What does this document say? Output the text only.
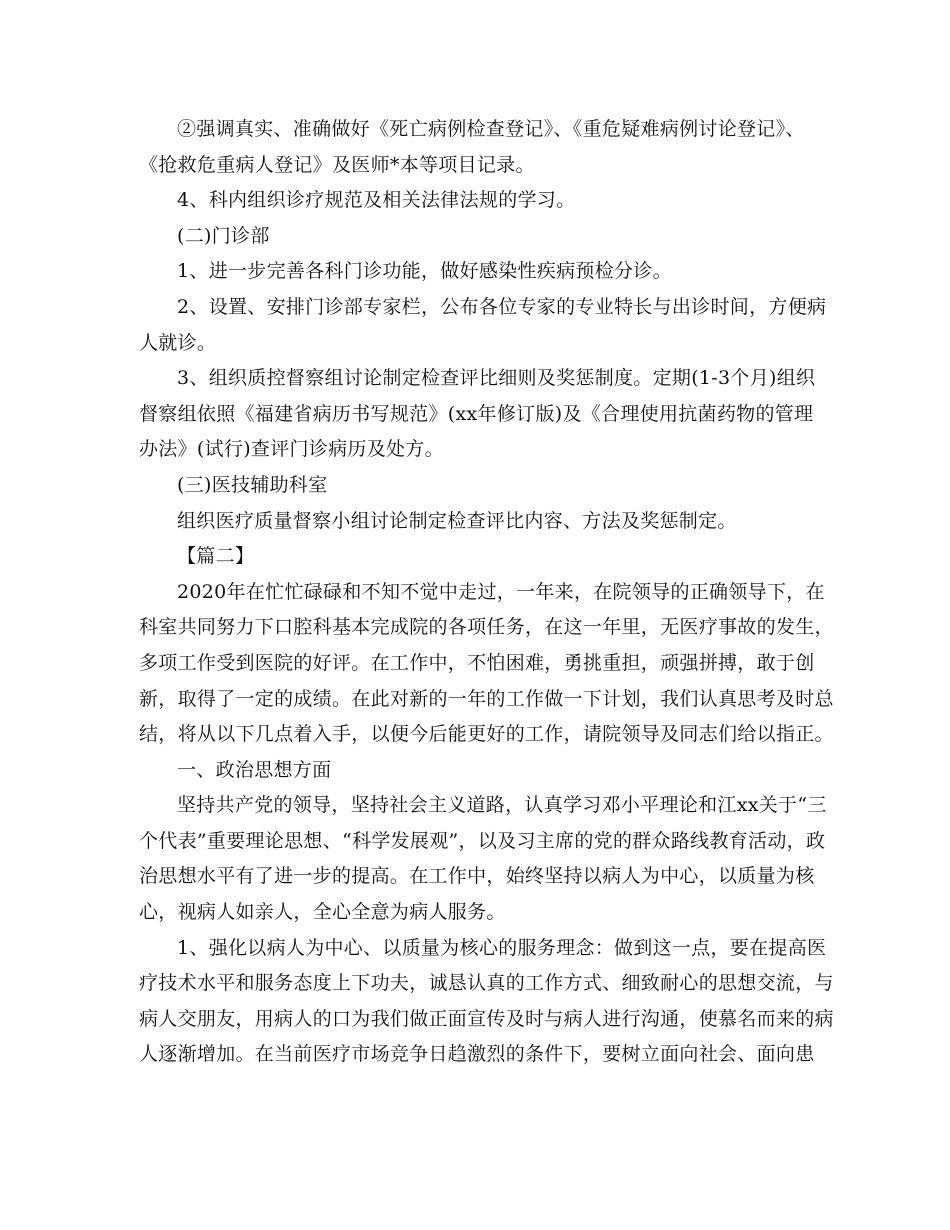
②强调真实、准确做好《死亡病例检查登记》、《重危疑难病例讨论登记》、

《抢救危重病人登记》及医师*本等项目记录。

4、科内组织诊疗规范及相关法律法规的学习。

(二)门诊部

1、进一步完善各科门诊功能，做好感染性疾病预检分诊。

2、设置、安排门诊部专家栏，公布各位专家的专业特长与出诊时间，方便病

人就诊。

3、组织质控督察组讨论制定检查评比细则及奖惩制度。定期(1-3个月)组织

督察组依照《福建省病历书写规范》(xx年修订版)及《合理使用抗菌药物的管理

办法》(试行)查评门诊病历及处方。

(三)医技辅助科室

组织医疗质量督察小组讨论制定检查评比内容、方法及奖惩制定。

【篇二】

2020年在忙忙碌碌和不知不觉中走过，一年来，在院领导的正确领导下，在

科室共同努力下口腔科基本完成院的各项任务，在这一年里，无医疗事故的发生，

多项工作受到医院的好评。在工作中，不怕困难，勇挑重担，顽强拼搏，敢于创

新，取得了一定的成绩。在此对新的一年的工作做一下计划，我们认真思考及时总

结，将从以下几点着入手，以便今后能更好的工作，请院领导及同志们给以指正。

一、政治思想方面

坚持共产党的领导，坚持社会主义道路，认真学习邓小平理论和江xx关于“三

个代表”重要理论思想、“科学发展观”，以及习主席的党的群众路线教育活动，政

治思想水平有了进一步的提高。在工作中，始终坚持以病人为中心，以质量为核

心，视病人如亲人，全心全意为病人服务。

1、强化以病人为中心、以质量为核心的服务理念：做到这一点，要在提高医

疗技术水平和服务态度上下功夫，诚恳认真的工作方式、细致耐心的思想交流，与

病人交朋友，用病人的口为我们做正面宣传及时与病人进行沟通，使慕名而来的病

人逐渐增加。在当前医疗市场竞争日趋激烈的条件下，要树立面向社会、面向患
